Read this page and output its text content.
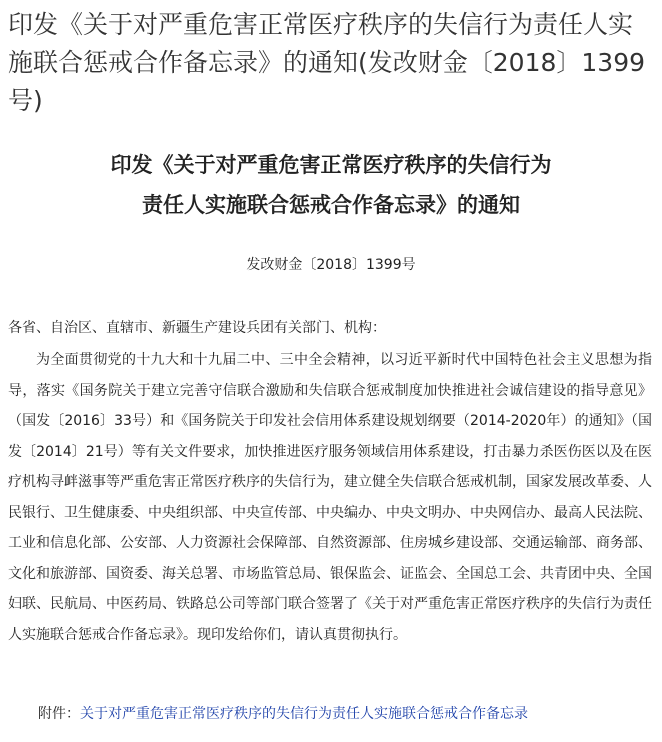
印发《关于对严重危害正常医疗秩序的失信行为责任人实施联合惩戒合作备忘录》的通知(发改财金〔2018〕1399号)
印发《关于对严重危害正常医疗秩序的失信行为
责任人实施联合惩戒合作备忘录》的通知
发改财金〔2018〕1399号
各省、自治区、直辖市、新疆生产建设兵团有关部门、机构：

为全面贯彻党的十九大和十九届二中、三中全会精神，以习近平新时代中国特色社会主义思想为指导，落实《国务院关于建立完善守信联合激励和失信联合惩戒制度加快推进社会诚信建设的指导意见》（国发〔2016〕33号）和《国务院关于印发社会信用体系建设规划纲要（2014-2020年）的通知》（国发〔2014〕21号）等有关文件要求，加快推进医疗服务领域信用体系建设，打击暴力杀医伤医以及在医疗机构寻衅滋事等严重危害正常医疗秩序的失信行为，建立健全失信联合惩戒机制，国家发展改革委、人民银行、卫生健康委、中央组织部、中央宣传部、中央编办、中央文明办、中央网信办、最高人民法院、工业和信息化部、公安部、人力资源社会保障部、自然资源部、住房城乡建设部、交通运输部、商务部、文化和旅游部、国资委、海关总署、市场监管总局、银保监会、证监会、全国总工会、共青团中央、全国妇联、民航局、中医药局、铁路总公司等部门联合签署了《关于对严重危害正常医疗秩序的失信行为责任人实施联合惩戒合作备忘录》。现印发给你们，请认真贯彻执行。

附件：关于对严重危害正常医疗秩序的失信行为责任人实施联合惩戒合作备忘录
